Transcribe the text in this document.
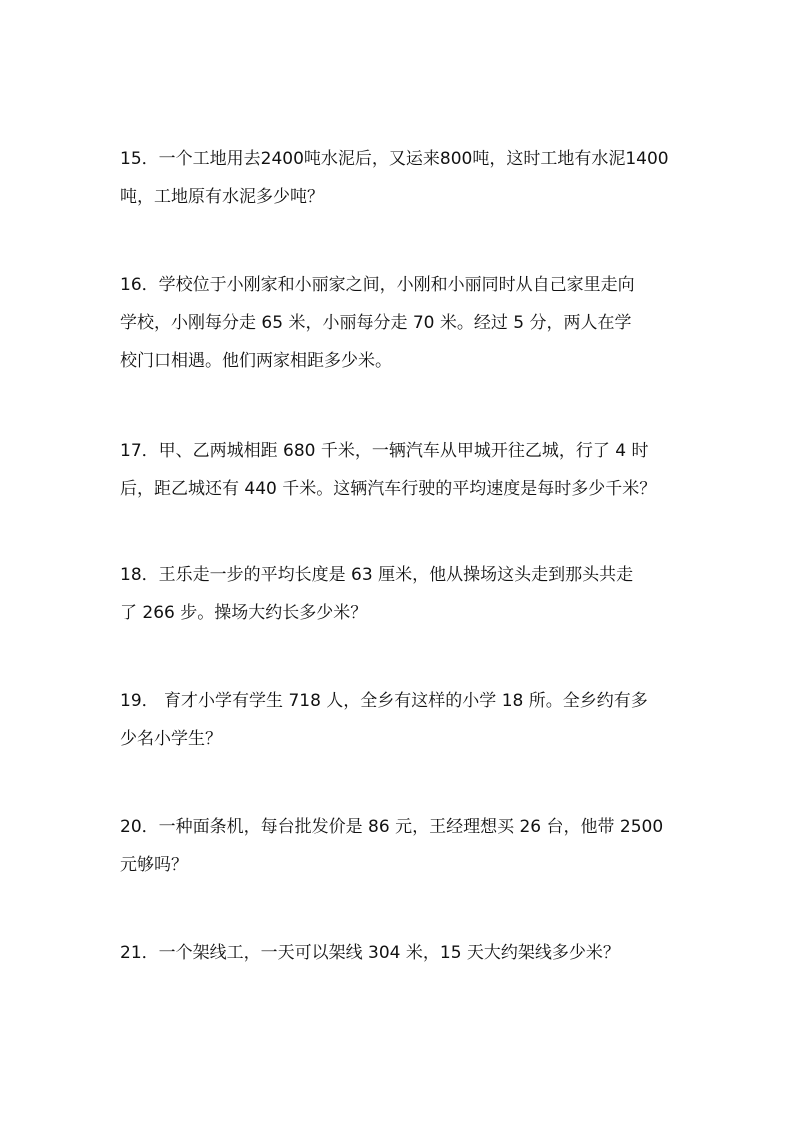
15．一个工地用去2400吨水泥后，又运来800吨，这时工地有水泥1400
吨，工地原有水泥多少吨？
16．学校位于小刚家和小丽家之间，小刚和小丽同时从自己家里走向
学校，小刚每分走 65 米，小丽每分走 70 米。经过 5 分，两人在学
校门口相遇。他们两家相距多少米。
17．甲、乙两城相距 680 千米，一辆汽车从甲城开往乙城，行了 4 时
后，距乙城还有 440 千米。这辆汽车行驶的平均速度是每时多少千米？
18．王乐走一步的平均长度是 63 厘米，他从操场这头走到那头共走
了 266 步。操场大约长多少米？
19． 育才小学有学生 718 人，全乡有这样的小学 18 所。全乡约有多
少名小学生？
20．一种面条机，每台批发价是 86 元，王经理想买 26 台，他带 2500
元够吗？
21．一个架线工，一天可以架线 304 米，15 天大约架线多少米？
